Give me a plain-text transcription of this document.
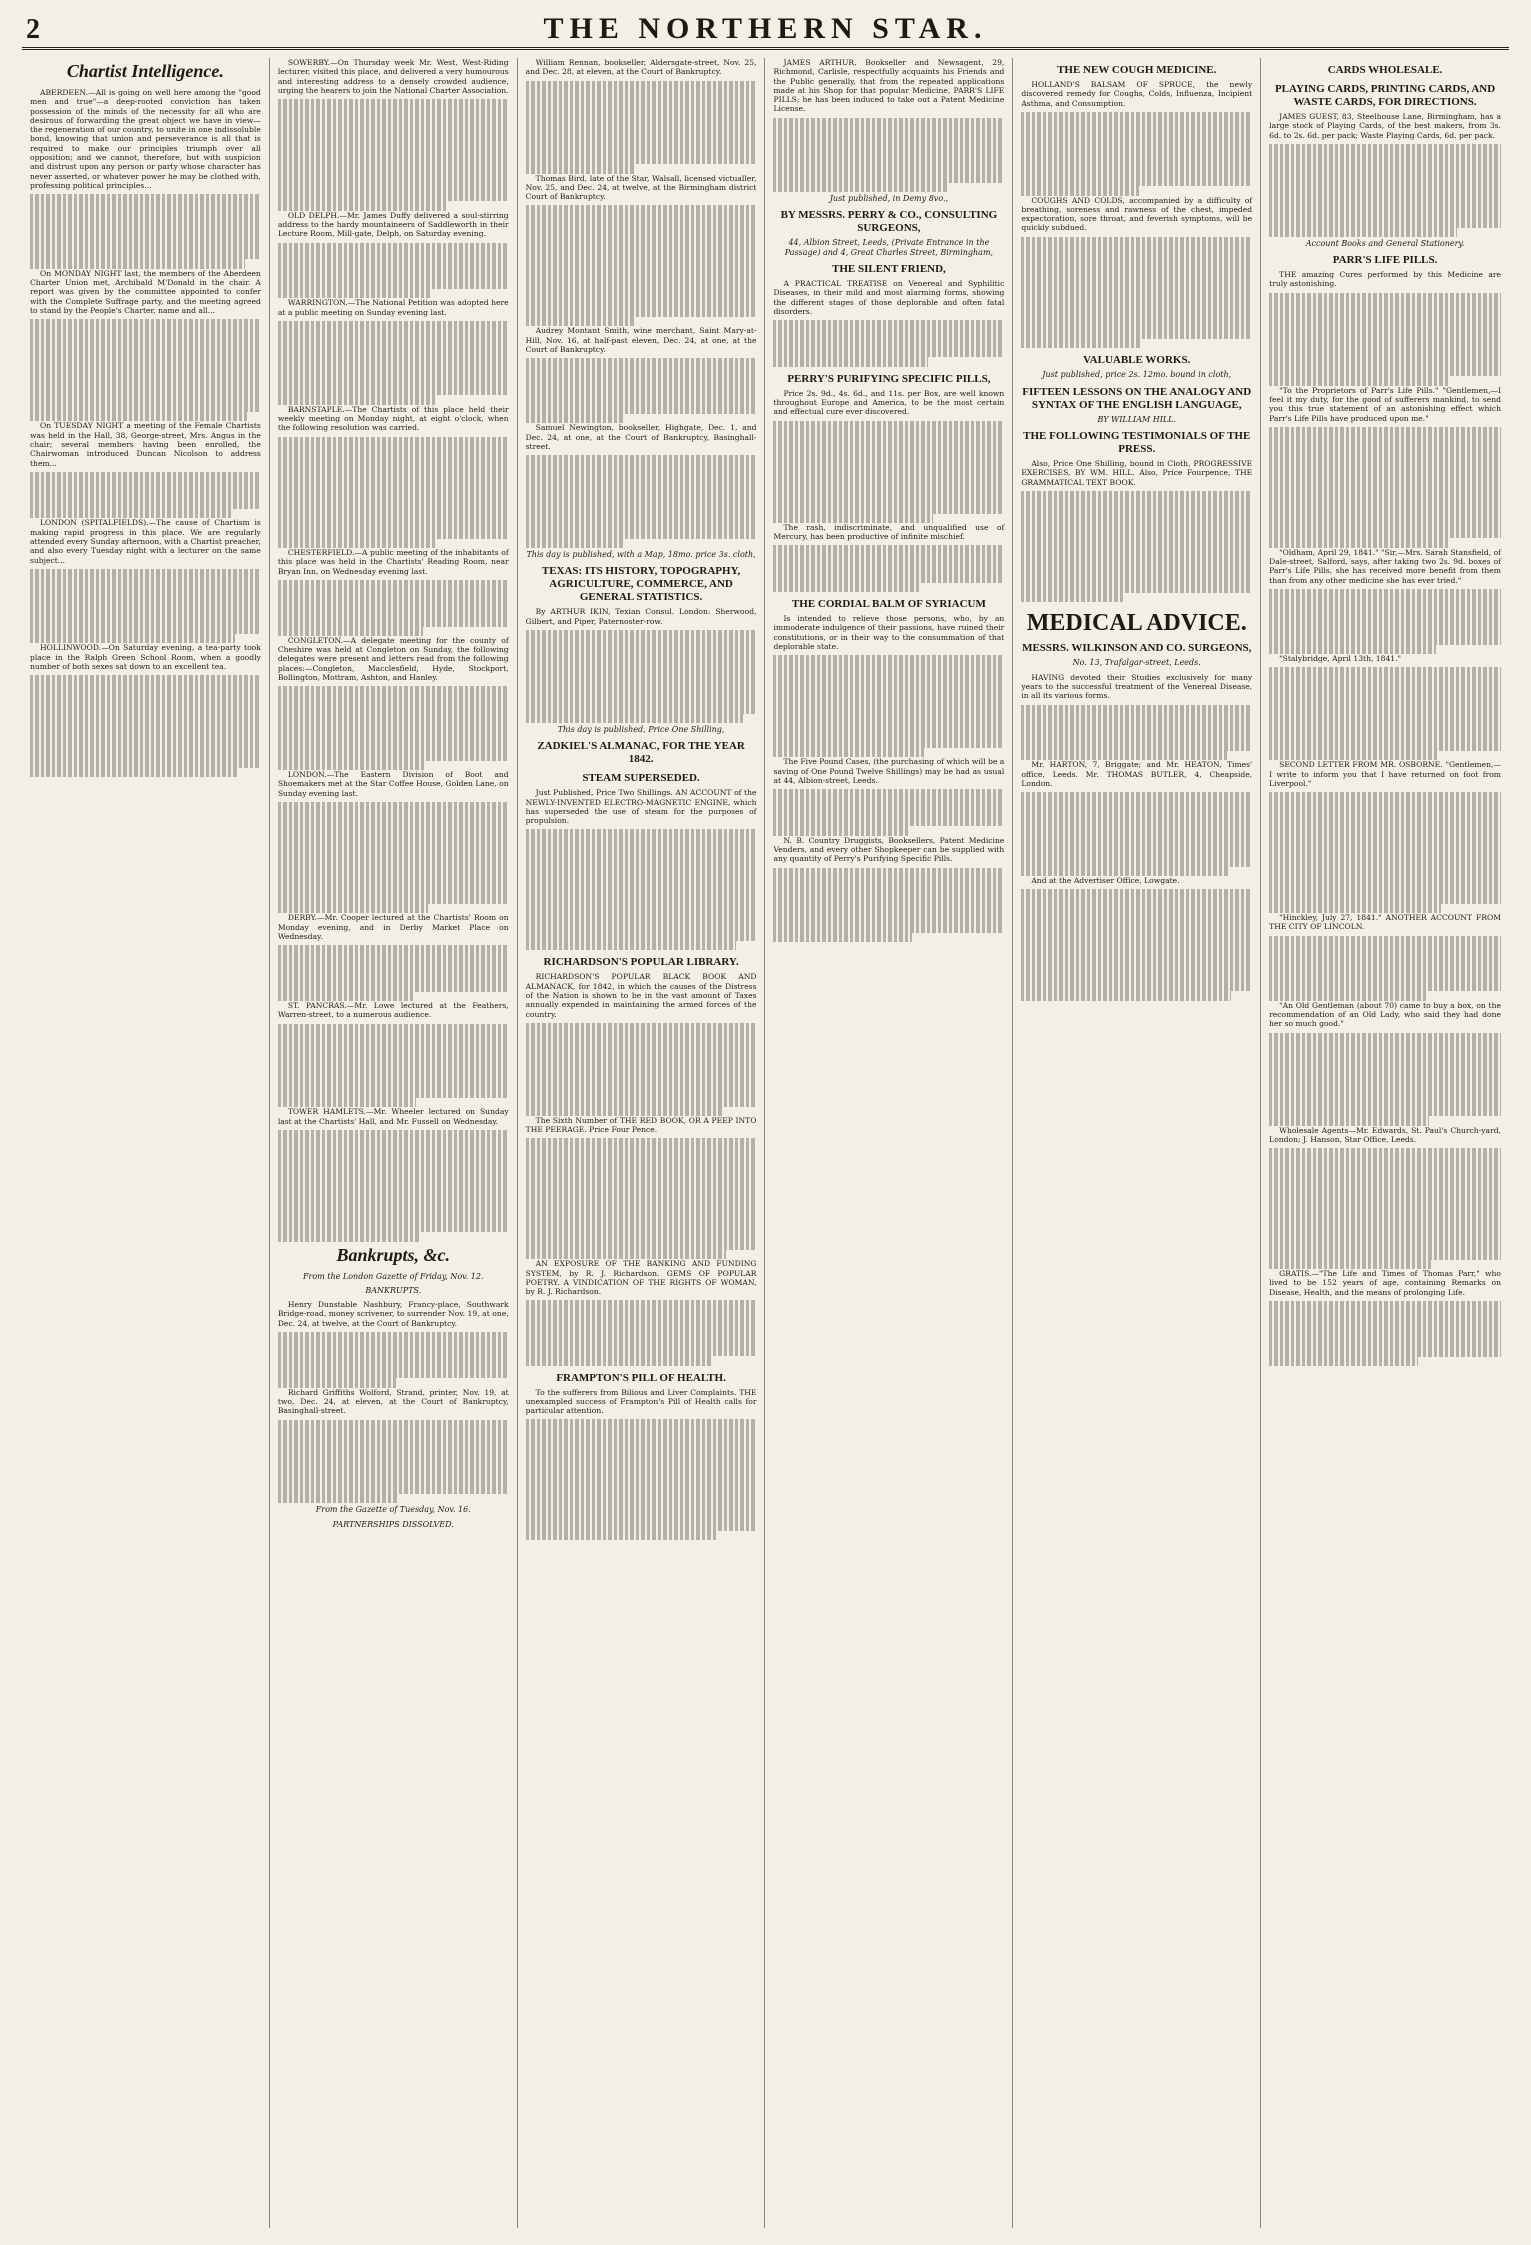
2	THE NORTHERN STAR.
Chartist Intelligence.
ABERDEEN.—All is going on well here among the "good men and true"—a deep-rooted conviction has taken possession of the minds of the necessity for all who are desirous of forwarding the great object we have in view—the regeneration of our country, to unite in one indissoluble bond, knowing that union and perseverance is all that is required to make our principles triumph over all opposition; and we cannot, therefore, but with suspicion and distrust upon any person or party whose character has never asserted, or whatever power he may be clothed with, professing political principles...
On MONDAY NIGHT last, the members of the Aberdeen Charter Union met, Archibald M'Donald in the chair. A report was given by the committee appointed to confer with the Complete Suffrage party, and the meeting agreed to stand by the People's Charter, name and all...
On TUESDAY NIGHT a meeting of the Female Chartists was held in the Hall, 38, George-street, Mrs. Angus in the chair; several members having been enrolled, the Chairwoman introduced Duncan Nicolson to address them...
LONDON (SPITALFIELDS).—The cause of Chartism is making rapid progress in this place. We are regularly attended every Sunday afternoon, with a Chartist preacher, and also every Tuesday night with a lecturer on the same subject...
HOLLINWOOD.—On Saturday evening, a tea-party took place in the Ralph Green School Room, when a goodly number of both sexes sat down to an excellent tea.
SOWERBY.—On Thursday week Mr. West, West-Riding lecturer, visited this place, and delivered a very humourous and interesting address to a densely crowded audience, urging the hearers to join the National Charter Association.
OLD DELPH.—Mr. James Duffy delivered a soul-stirring address to the hardy mountaineers of Saddleworth in their Lecture Room, Mill-gate, Delph, on Saturday evening.
WARRINGTON.—The National Petition was adopted here at a public meeting on Sunday evening last.
BARNSTAPLE.—The Chartists of this place held their weekly meeting on Monday night, at eight o'clock, when the following resolution was carried.
CHESTERFIELD.—A public meeting of the inhabitants of this place was held in the Chartists' Reading Room, near Bryan Inn, on Wednesday evening last.
CONGLETON.—A delegate meeting for the county of Cheshire was held at Congleton on Sunday, the following delegates were present and letters read from the following places:—Congleton, Macclesfield, Hyde, Stockport, Bollington, Mottram, Ashton, and Hanley.
LONDON.—The Eastern Division of Boot and Shoemakers met at the Star Coffee House, Golden Lane, on Sunday evening last.
DERBY.—Mr. Cooper lectured at the Chartists' Room on Monday evening, and in Derby Market Place on Wednesday.
ST. PANCRAS.—Mr. Lowe lectured at the Feathers, Warren-street, to a numerous audience.
TOWER HAMLETS.—Mr. Wheeler lectured on Sunday last at the Chartists' Hall, and Mr. Fussell on Wednesday.
Bankrupts, &c.
From the London Gazette of Friday, Nov. 12.
BANKRUPTS.
Henry Dunstable Nashbury, Francy-place, Southwark Bridge-road, money scrivener, to surrender Nov. 19, at one, Dec. 24, at twelve, at the Court of Bankruptcy.
Richard Griffiths Wolford, Strand, printer, Nov. 19, at two, Dec. 24, at eleven, at the Court of Bankruptcy, Basinghall-street.
From the Gazette of Tuesday, Nov. 16.
PARTNERSHIPS DISSOLVED.
William Rennan, bookseller, Aldersgate-street, Nov. 25, and Dec. 28, at eleven, at the Court of Bankruptcy.
Thomas Bird, late of the Star, Walsall, licensed victualler, Nov. 25, and Dec. 24, at twelve, at the Birmingham district Court of Bankruptcy.
Audrey Montant Smith, wine merchant, Saint Mary-at-Hill, Nov. 16, at half-past eleven, Dec. 24, at one, at the Court of Bankruptcy.
Samuel Newington, bookseller, Highgate, Dec. 1, and Dec. 24, at one, at the Court of Bankruptcy, Basinghall-street.
This day is published, with a Map, 18mo. price 3s. cloth,
TEXAS: ITS HISTORY, TOPOGRAPHY, AGRICULTURE, COMMERCE, AND GENERAL STATISTICS.
By ARTHUR IKIN, Texian Consul. London: Sherwood, Gilbert, and Piper, Paternoster-row.
This day is published, Price One Shilling,
ZADKIEL'S ALMANAC, FOR THE YEAR 1842.
STEAM SUPERSEDED.
Just Published, Price Two Shillings. AN ACCOUNT of the NEWLY-INVENTED ELECTRO-MAGNETIC ENGINE, which has superseded the use of steam for the purposes of propulsion.
RICHARDSON'S POPULAR LIBRARY.
RICHARDSON'S POPULAR BLACK BOOK AND ALMANACK, for 1842, in which the causes of the Distress of the Nation is shown to be in the vast amount of Taxes annually expended in maintaining the armed forces of the country.
The Sixth Number of THE RED BOOK, OR A PEEP INTO THE PEERAGE. Price Four Pence.
AN EXPOSURE OF THE BANKING AND FUNDING SYSTEM, by R. J. Richardson. GEMS OF POPULAR POETRY. A VINDICATION OF THE RIGHTS OF WOMAN, by R. J. Richardson.
FRAMPTON'S PILL OF HEALTH.
To the sufferers from Bilious and Liver Complaints. THE unexampled success of Frampton's Pill of Health calls for particular attention.
JAMES ARTHUR, Bookseller and Newsagent, 29, Richmond, Carlisle, respectfully acquaints his Friends and the Public generally, that from the repeated applications made at his Shop for that popular Medicine, PARR'S LIFE PILLS; he has been induced to take out a Patent Medicine License.
Just published, in Demy 8vo.,
BY MESSRS. PERRY & CO., CONSULTING SURGEONS,
44, Albion Street, Leeds, (Private Entrance in the Passage) and 4, Great Charles Street, Birmingham,
THE SILENT FRIEND,
A PRACTICAL TREATISE on Venereal and Syphilitic Diseases, in their mild and most alarming forms, showing the different stages of those deplorable and often fatal disorders.
PERRY'S PURIFYING SPECIFIC PILLS,
Price 2s. 9d., 4s. 6d., and 11s. per Box, are well known throughout Europe and America, to be the most certain and effectual cure ever discovered.
The rash, indiscriminate, and unqualified use of Mercury, has been productive of infinite mischief.
THE CORDIAL BALM OF SYRIACUM
Is intended to relieve those persons, who, by an immoderate indulgence of their passions, have ruined their constitutions, or in their way to the consummation of that deplorable state.
The Five Pound Cases, (the purchasing of which will be a saving of One Pound Twelve Shillings) may be had as usual at 44, Albion-street, Leeds.
N. B. Country Druggists, Booksellers, Patent Medicine Venders, and every other Shopkeeper can be supplied with any quantity of Perry's Purifying Specific Pills.
THE NEW COUGH MEDICINE.
HOLLAND'S BALSAM OF SPRUCE, the newly discovered remedy for Coughs, Colds, Influenza, Incipient Asthma, and Consumption.
COUGHS AND COLDS, accompanied by a difficulty of breathing, soreness and rawness of the chest, impeded expectoration, sore throat, and feverish symptoms, will be quickly subdued.
VALUABLE WORKS.
Just published, price 2s. 12mo. bound in cloth,
FIFTEEN LESSONS ON THE ANALOGY AND SYNTAX OF THE ENGLISH LANGUAGE,
BY WILLIAM HILL.
THE FOLLOWING TESTIMONIALS OF THE PRESS.
Also, Price One Shilling, bound in Cloth, PROGRESSIVE EXERCISES, BY WM. HILL. Also, Price Fourpence, THE GRAMMATICAL TEXT BOOK.
MEDICAL ADVICE.
MESSRS. WILKINSON AND CO. SURGEONS,
No. 13, Trafalgar-street, Leeds.
HAVING devoted their Studies exclusively for many years to the successful treatment of the Venereal Disease, in all its various forms.
Mr. HARTON, 7, Briggate; and Mr. HEATON, Times' office, Leeds. Mr. THOMAS BUTLER, 4, Cheapside, London.
And at the Advertiser Office, Lowgate.
CARDS WHOLESALE.
PLAYING CARDS, PRINTING CARDS, AND WASTE CARDS, FOR DIRECTIONS.
JAMES GUEST, 83, Steelhouse Lane, Birmingham, has a large stock of Playing Cards, of the best makers, from 3s. 6d. to 2s. 6d. per pack; Waste Playing Cards, 6d. per pack.
Account Books and General Stationery.
PARR'S LIFE PILLS.
THE amazing Cures performed by this Medicine are truly astonishing.
"To the Proprietors of Parr's Life Pills." "Gentlemen,—I feel it my duty, for the good of sufferers mankind, to send you this true statement of an astonishing effect which Parr's Life Pills have produced upon me."
"Oldham, April 29, 1841." "Sir,—Mrs. Sarah Stansfield, of Dale-street, Salford, says, after taking two 2s. 9d. boxes of Parr's Life Pills, she has received more benefit from them than from any other medicine she has ever tried."
"Stalybridge, April 13th, 1841."
SECOND LETTER FROM MR. OSBORNE. "Gentlemen,—I write to inform you that I have returned on foot from Liverpool."
"Hinckley, July 27, 1841." ANOTHER ACCOUNT FROM THE CITY OF LINCOLN.
"An Old Gentleman (about 70) came to buy a box, on the recommendation of an Old Lady, who said they had done her so much good."
Wholesale Agents—Mr. Edwards, St. Paul's Church-yard, London; J. Hanson, Star Office, Leeds.
GRATIS.—"The Life and Times of Thomas Parr," who lived to be 152 years of age, containing Remarks on Disease, Health, and the means of prolonging Life.
